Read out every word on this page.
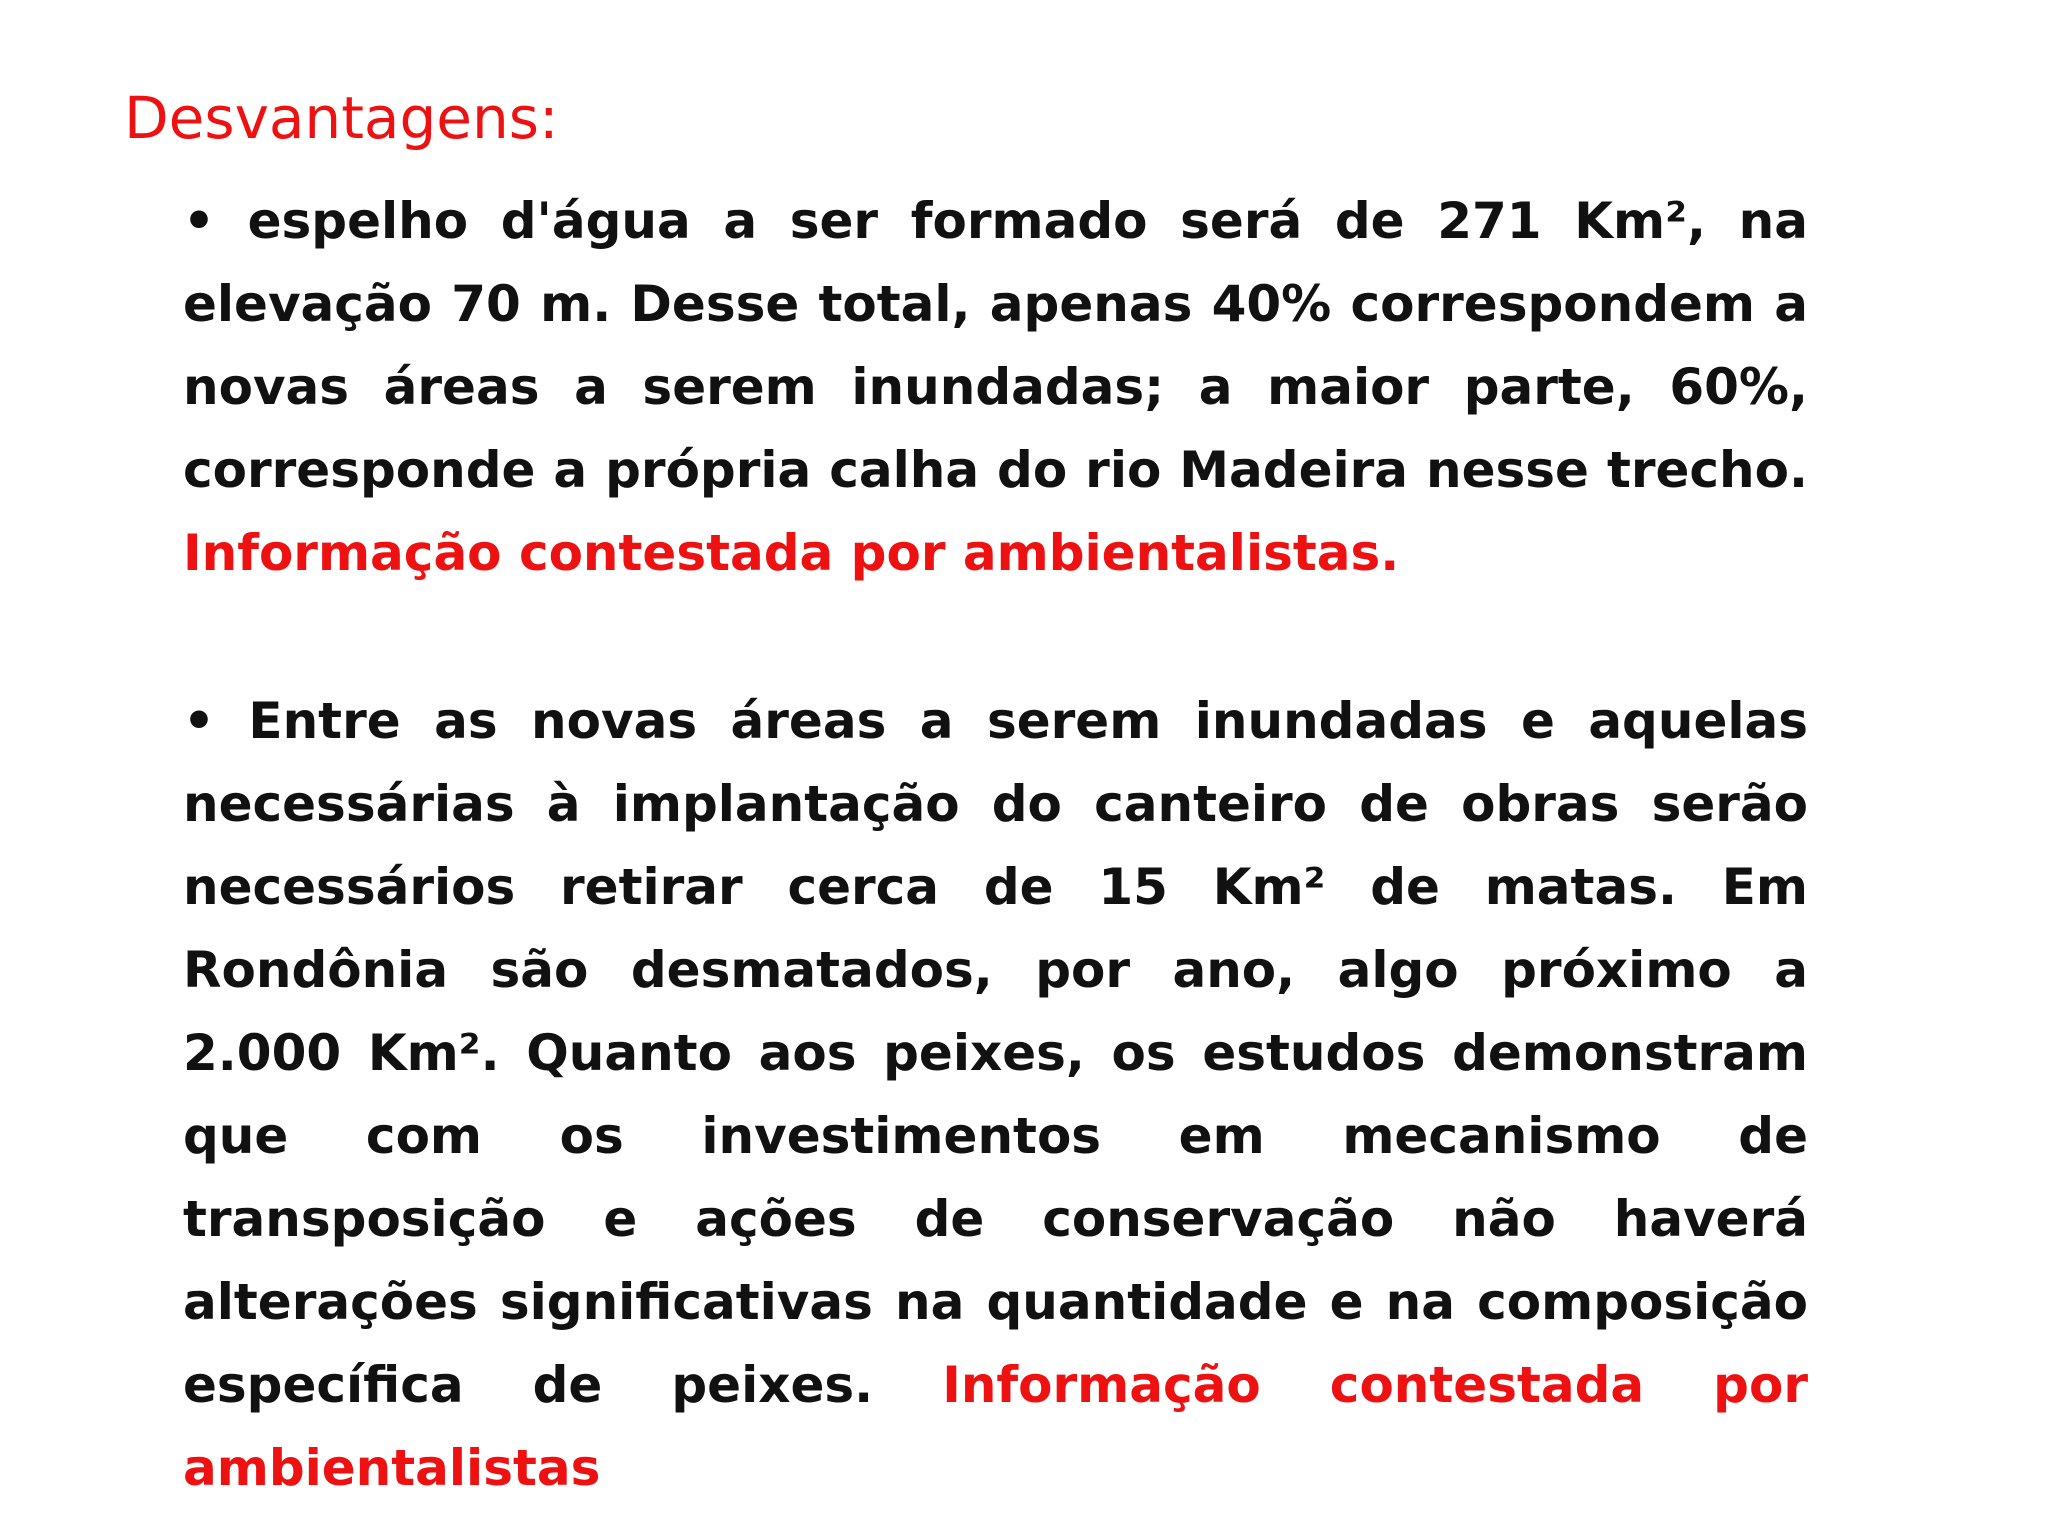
Desvantagens:

• espelho d'água a ser formado será de 271 Km², na elevação 70 m. Desse total, apenas 40% correspondem a novas áreas a serem inundadas; a maior parte, 60%, corresponde a própria calha do rio Madeira nesse trecho. Informação contestada por ambientalistas.

• Entre as novas áreas a serem inundadas e aquelas necessárias à implantação do canteiro de obras serão necessários retirar cerca de 15 Km² de matas. Em Rondônia são desmatados, por ano, algo próximo a 2.000 Km². Quanto aos peixes, os estudos demonstram que com os investimentos em mecanismo de transposição e ações de conservação não haverá alterações significativas na quantidade e na composição específica de peixes. Informação contestada por ambientalistas
